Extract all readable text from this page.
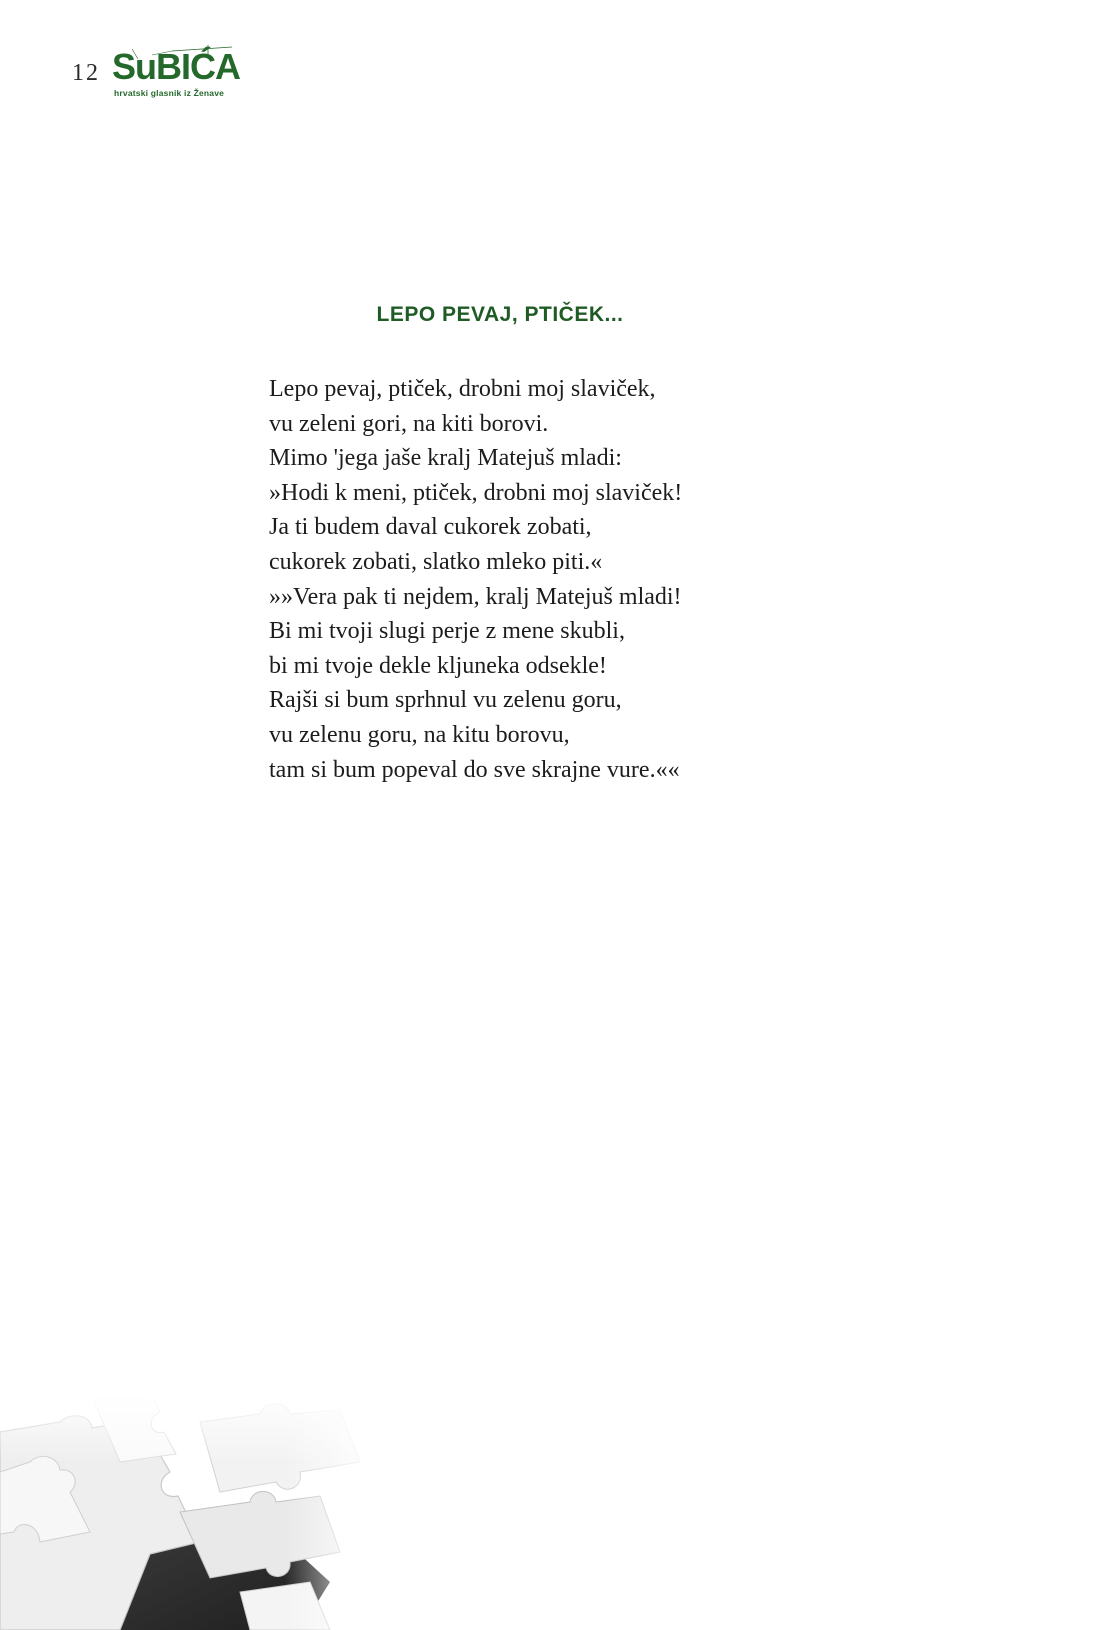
12 SuBIĆA
hrvatski glasnik iz Ženave
LEPO PEVAJ, PTIČEK...
Lepo pevaj, ptiček, drobni moj slaviček,
vu zeleni gori, na kiti borovi.
Mimo 'jega jaše kralj Matejuš mladi:
»Hodi k meni, ptiček, drobni moj slaviček!
Ja ti budem daval cukorek zobati,
cukorek zobati, slatko mleko piti.«
»»Vera pak ti nejdem, kralj Matejuš mladi!
Bi mi tvoji slugi perje z mene skubli,
bi mi tvoje dekle kljuneka odsekle!
Rajši si bum sprhnul vu zelenu goru,
vu zelenu goru, na kitu borovu,
tam si bum popeval do sve skrajne vure.««
